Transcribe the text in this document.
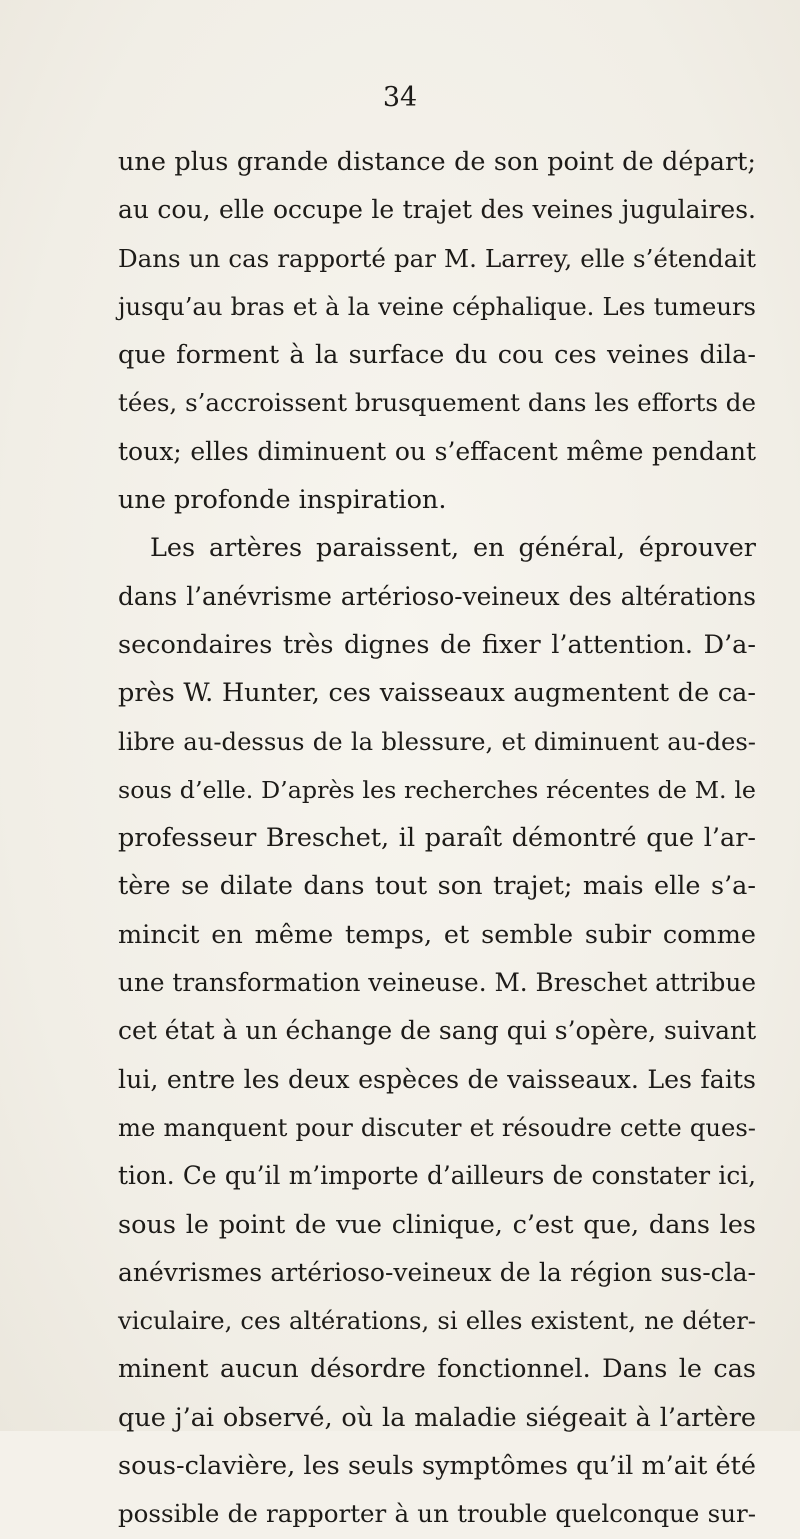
34
une plus grande distance de son point de départ;
au cou, elle occupe le trajet des veines jugulaires.
Dans un cas rapporté par M. Larrey, elle s’étendait
jusqu’au bras et à la veine céphalique. Les tumeurs
que forment à la surface du cou ces veines dila-
tées, s’accroissent brusquement dans les efforts de
toux; elles diminuent ou s’effacent même pendant
une profonde inspiration.
Les artères paraissent, en général, éprouver
dans l’anévrisme artérioso-veineux des altérations
secondaires très dignes de fixer l’attention. D’a-
près W. Hunter, ces vaisseaux augmentent de ca-
libre au-dessus de la blessure, et diminuent au-des-
sous d’elle. D’après les recherches récentes de M. le
professeur Breschet, il paraît démontré que l’ar-
tère se dilate dans tout son trajet; mais elle s’a-
mincit en même temps, et semble subir comme
une transformation veineuse. M. Breschet attribue
cet état à un échange de sang qui s’opère, suivant
lui, entre les deux espèces de vaisseaux. Les faits
me manquent pour discuter et résoudre cette ques-
tion. Ce qu’il m’importe d’ailleurs de constater ici,
sous le point de vue clinique, c’est que, dans les
anévrismes artérioso-veineux de la région sus-cla-
viculaire, ces altérations, si elles existent, ne déter-
minent aucun désordre fonctionnel. Dans le cas
que j’ai observé, où la maladie siégeait à l’artère
sous-clavière, les seuls symptômes qu’il m’ait été
possible de rapporter à un trouble quelconque sur-
